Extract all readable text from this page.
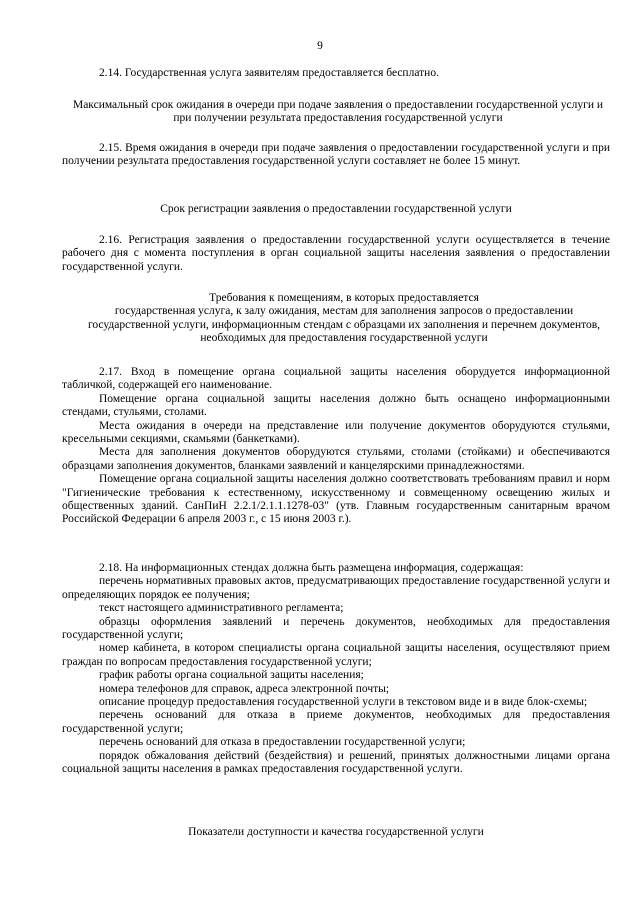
9

2.14. Государственная услуга заявителям предоставляется бесплатно.

Максимальный срок ожидания в очереди при подаче заявления о предоставлении государственной услуги и при получении результата предоставления государственной услуги

2.15. Время ожидания в очереди при подаче заявления о предоставлении государственной услуги и при получении результата предоставления государственной услуги составляет не более 15 минут.

Срок регистрации заявления о предоставлении государственной услуги

2.16. Регистрация заявления о предоставлении государственной услуги осуществляется в течение рабочего дня с момента поступления в орган социальной защиты населения заявления о предоставлении государственной услуги.

Требования к помещениям, в которых предоставляется

государственная услуга, к залу ожидания, местам для заполнения запросов о предоставлении государственной услуги, информационным стендам с образцами их заполнения и перечнем документов, необходимых для предоставления государственной услуги

2.17. Вход в помещение органа социальной защиты населения оборудуется информационной табличкой, содержащей его наименование.

Помещение органа социальной защиты населения должно быть оснащено информационными стендами, стульями, столами.

Места ожидания в очереди на представление или получение документов оборудуются стульями, кресельными секциями, скамьями (банкетками).

Места для заполнения документов оборудуются стульями, столами (стойками) и обеспечиваются образцами заполнения документов, бланками заявлений и канцелярскими принадлежностями.

Помещение органа социальной защиты населения должно соответствовать требованиям правил и норм "Гигиенические требования к естественному, искусственному и совмещенному освещению жилых и общественных зданий. СанПиН 2.2.1/2.1.1.1278-03" (утв. Главным государственным санитарным врачом Российской Федерации 6 апреля 2003 г., с 15 июня 2003 г.).

2.18. На информационных стендах должна быть размещена информация, содержащая:

перечень нормативных правовых актов, предусматривающих предоставление государственной услуги и определяющих порядок ее получения;

текст настоящего административного регламента;

образцы оформления заявлений и перечень документов, необходимых для предоставления государственной услуги;

номер кабинета, в котором специалисты органа социальной защиты населения, осуществляют прием граждан по вопросам предоставления государственной услуги;

график работы органа социальной защиты населения;

номера телефонов для справок, адреса электронной почты;

описание процедур предоставления государственной услуги в текстовом виде и в виде блок-схемы;

перечень оснований для отказа в приеме документов, необходимых для предоставления государственной услуги;

перечень оснований для отказа в предоставлении государственной услуги;

порядок обжалования действий (бездействия) и решений, принятых должностными лицами органа социальной защиты населения в рамках предоставления государственной услуги.

Показатели доступности и качества государственной услуги
